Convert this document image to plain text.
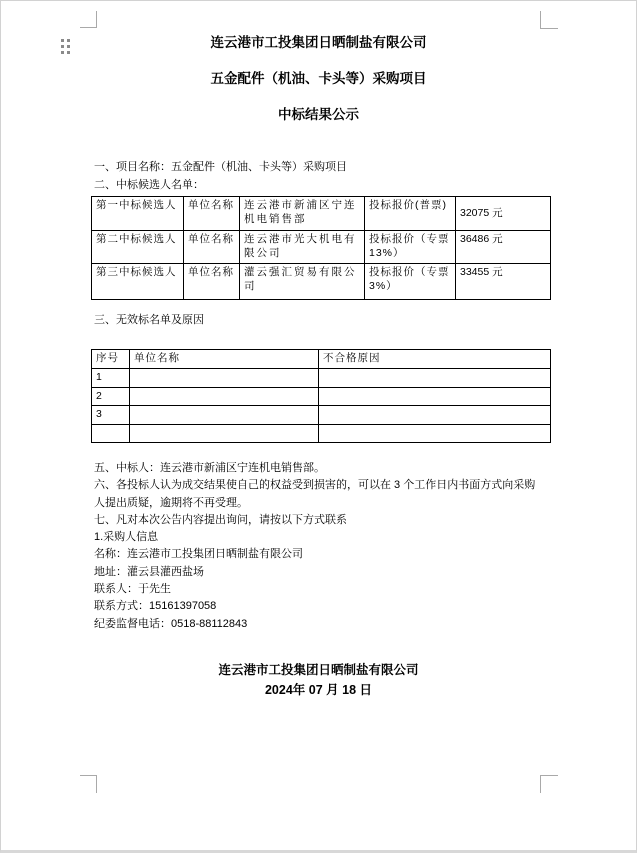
连云港市工投集团日晒制盐有限公司
五金配件（机油、卡头等）采购项目
中标结果公示
一、项目名称：五金配件（机油、卡头等）采购项目
二、中标候选人名单：
第一中标候选人	单位名称	连云港市新浦区宁连机电销售部	投标报价(普票)	32075 元
第二中标候选人	单位名称	连云港市光大机电有限公司	投标报价（专票13%）	36486 元
第三中标候选人	单位名称	灌云强汇贸易有限公司	投标报价（专票3%）	33455 元
三、无效标名单及原因
序号	单位名称	不合格原因
1		
2		
3		

五、中标人：连云港市新浦区宁连机电销售部。
六、各投标人认为成交结果使自己的权益受到损害的，可以在 3 个工作日内书面方式向采购人提出质疑，逾期将不再受理。
七、凡对本次公告内容提出询问，请按以下方式联系
1.采购人信息
名称：连云港市工投集团日晒制盐有限公司
地址：灌云县灌西盐场
联系人：于先生
联系方式：15161397058
纪委监督电话：0518-88112843
连云港市工投集团日晒制盐有限公司
2024年 07 月 18 日
